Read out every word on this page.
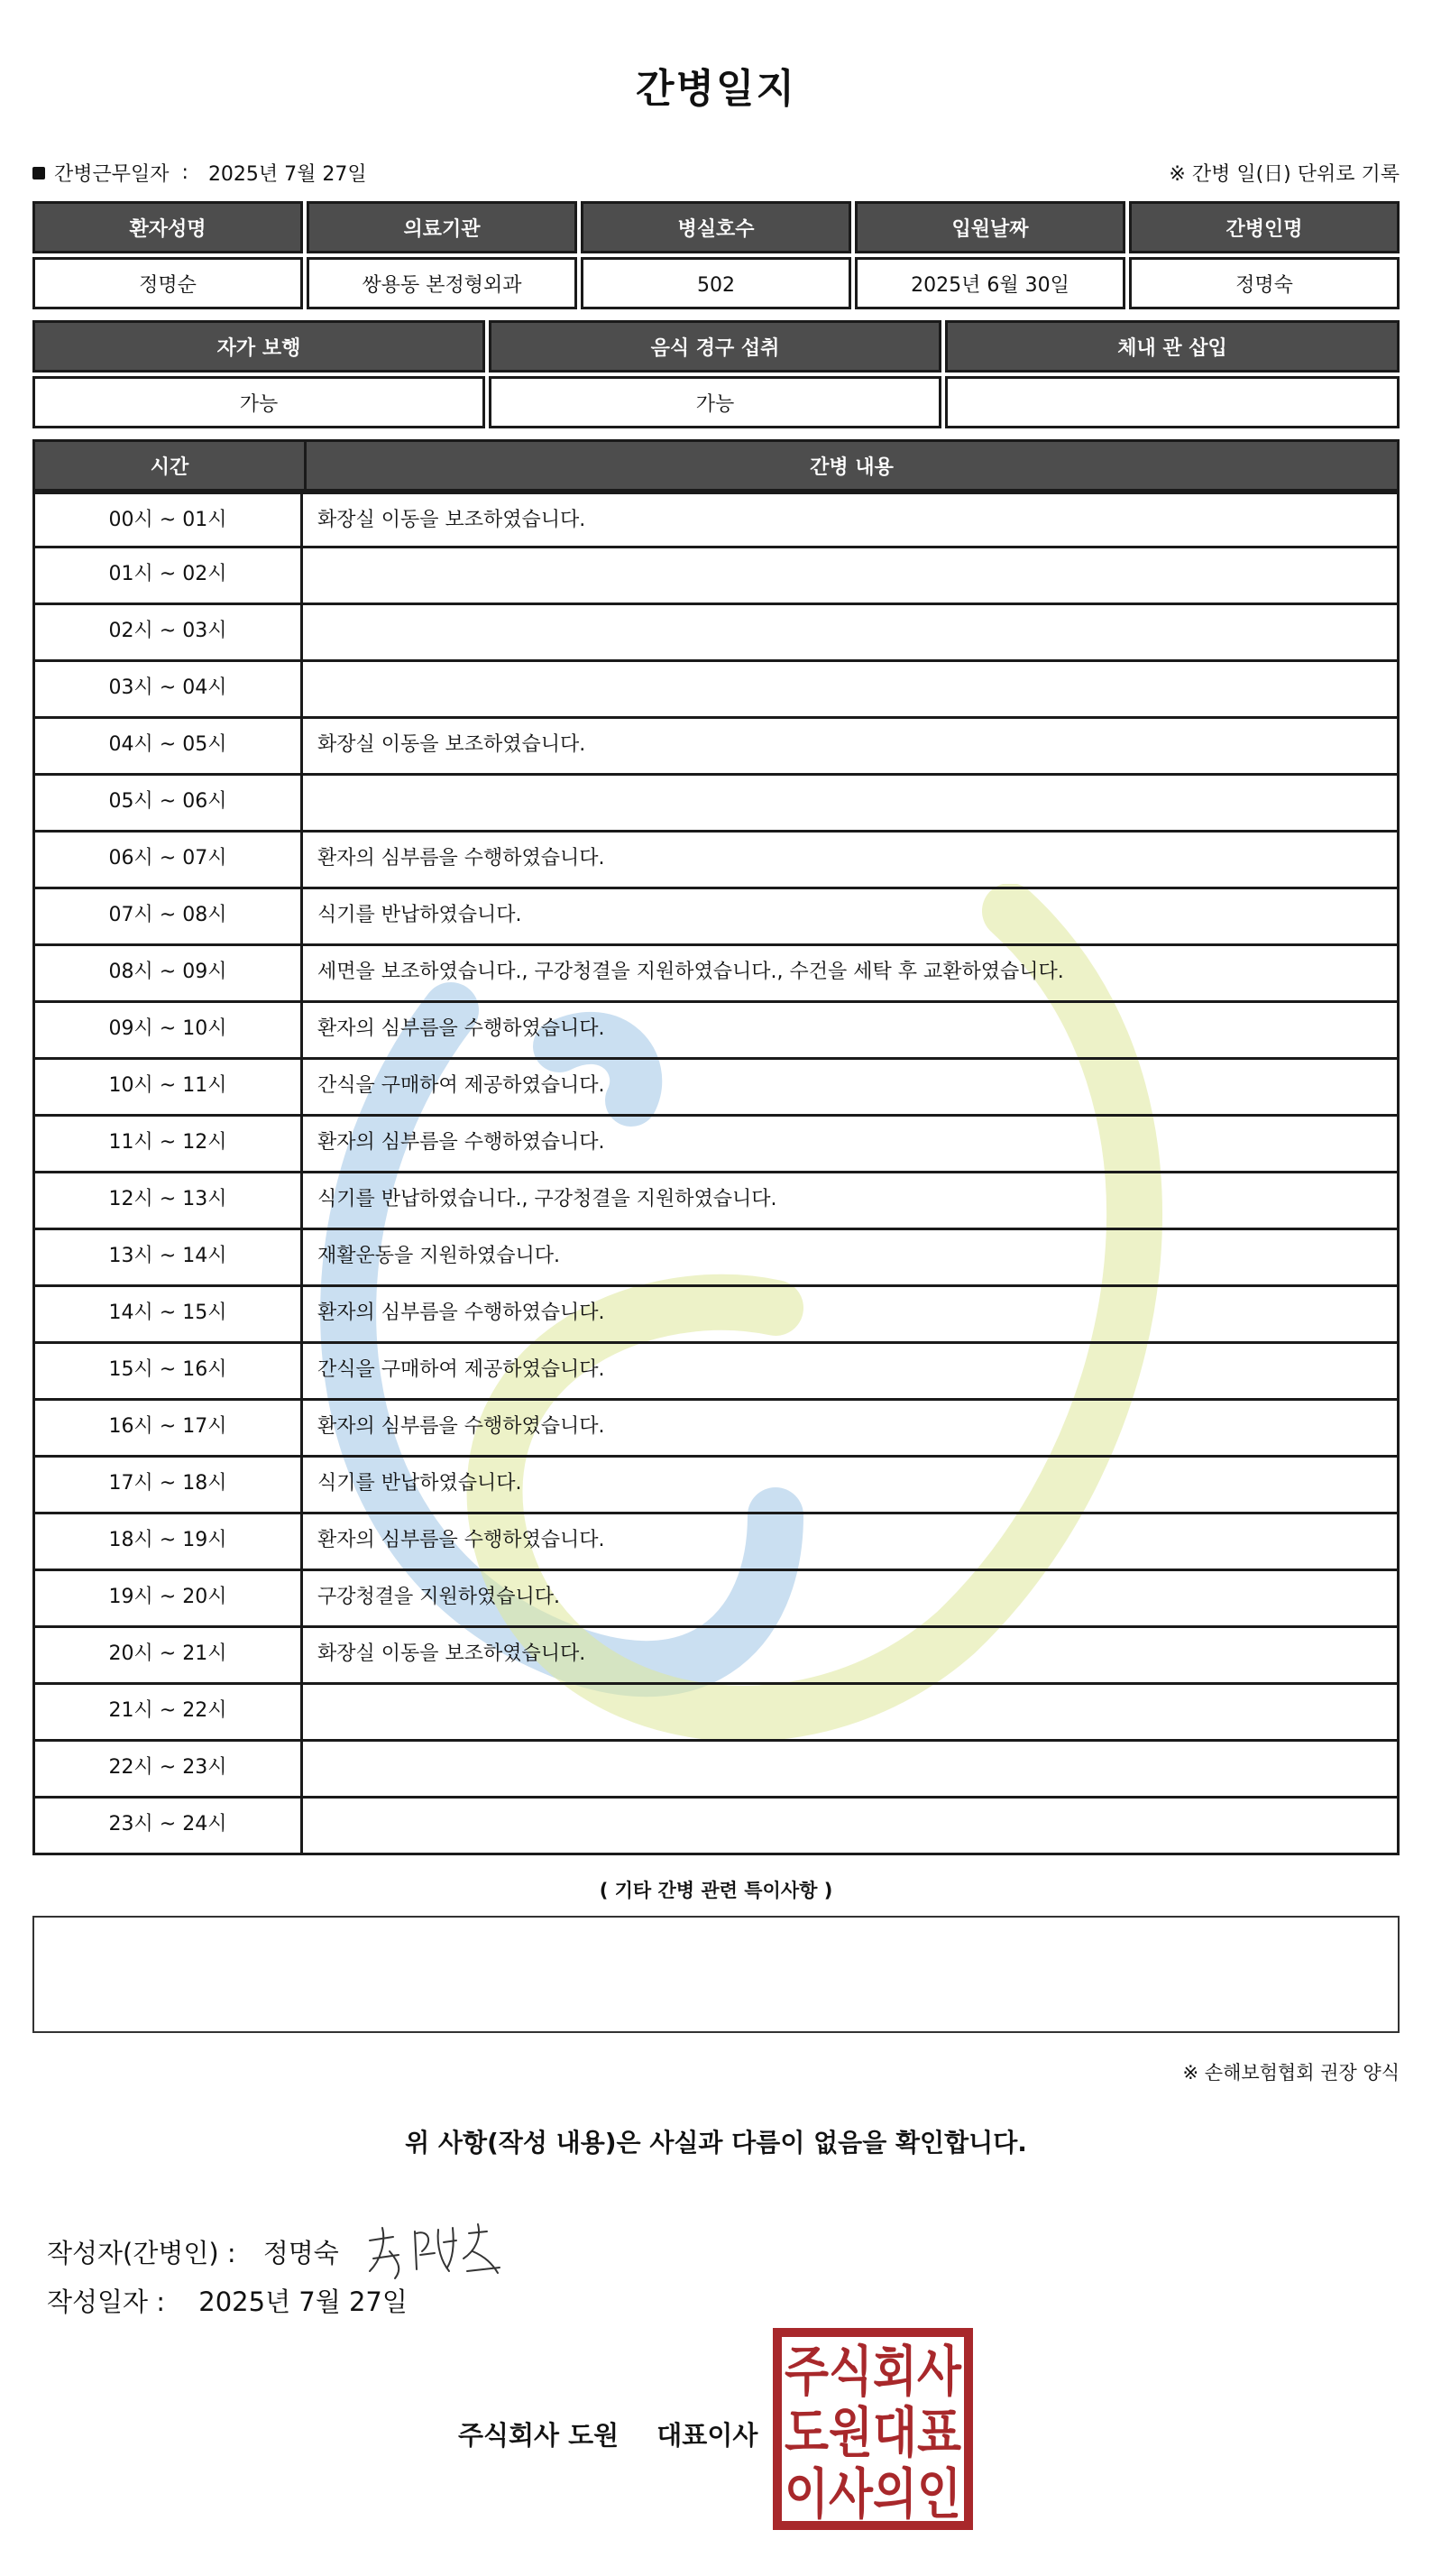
간병일지
간병근무일자 : 2025년 7월 27일	※ 간병 일(日) 단위로 기록
환자성명	의료기관	병실호수	입원날짜	간병인명
정명순	쌍용동 본정형외과	502	2025년 6월 30일	정명숙
자가 보행	음식 경구 섭취	체내 관 삽입
가능	가능
시간	간병 내용
00시 ~ 01시	화장실 이동을 보조하였습니다.
01시 ~ 02시
02시 ~ 03시
03시 ~ 04시
04시 ~ 05시	화장실 이동을 보조하였습니다.
05시 ~ 06시
06시 ~ 07시	환자의 심부름을 수행하였습니다.
07시 ~ 08시	식기를 반납하였습니다.
08시 ~ 09시	세면을 보조하였습니다., 구강청결을 지원하였습니다., 수건을 세탁 후 교환하였습니다.
09시 ~ 10시	환자의 심부름을 수행하였습니다.
10시 ~ 11시	간식을 구매하여 제공하였습니다.
11시 ~ 12시	환자의 심부름을 수행하였습니다.
12시 ~ 13시	식기를 반납하였습니다., 구강청결을 지원하였습니다.
13시 ~ 14시	재활운동을 지원하였습니다.
14시 ~ 15시	환자의 심부름을 수행하였습니다.
15시 ~ 16시	간식을 구매하여 제공하였습니다.
16시 ~ 17시	환자의 심부름을 수행하였습니다.
17시 ~ 18시	식기를 반납하였습니다.
18시 ~ 19시	환자의 심부름을 수행하였습니다.
19시 ~ 20시	구강청결을 지원하였습니다.
20시 ~ 21시	화장실 이동을 보조하였습니다.
21시 ~ 22시
22시 ~ 23시
23시 ~ 24시
( 기타 간병 관련 특이사항 )
※ 손해보험협회 권장 양식
위 사항(작성 내용)은 사실과 다름이 없음을 확인합니다.
작성자(간병인) : 정명숙
작성일자 : 2025년 7월 27일
주식회사 도원 대표이사
주식회사
도원대표
이사의인
